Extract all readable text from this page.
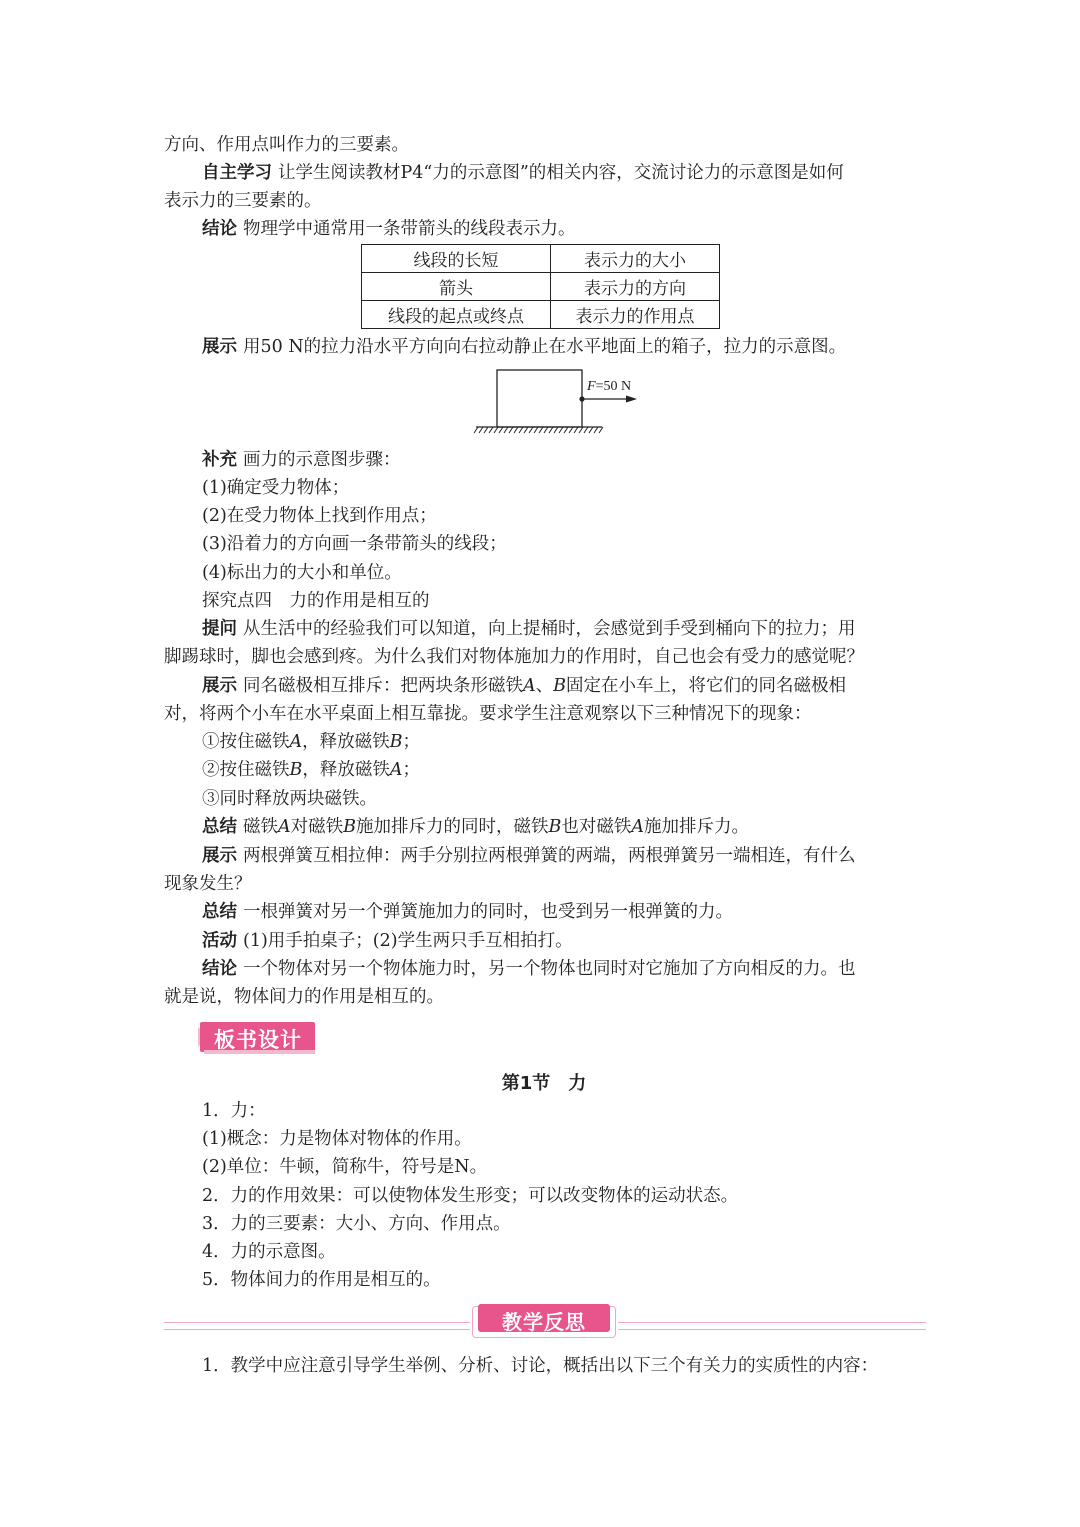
方向、作用点叫作力的三要素。
自主学习 让学生阅读教材P4“力的示意图”的相关内容，交流讨论力的示意图是如何
表示力的三要素的。
结论 物理学中通常用一条带箭头的线段表示力。
线段的长短	表示力的大小
箭头	表示力的方向
线段的起点或终点	表示力的作用点
展示 用50 N的拉力沿水平方向向右拉动静止在水平地面上的箱子，拉力的示意图。
F=50 N
补充 画力的示意图步骤：
(1)确定受力物体；
(2)在受力物体上找到作用点；
(3)沿着力的方向画一条带箭头的线段；
(4)标出力的大小和单位。
探究点四　力的作用是相互的
提问 从生活中的经验我们可以知道，向上提桶时，会感觉到手受到桶向下的拉力；用
脚踢球时，脚也会感到疼。为什么我们对物体施加力的作用时，自己也会有受力的感觉呢？
展示 同名磁极相互排斥：把两块条形磁铁A、B固定在小车上，将它们的同名磁极相
对，将两个小车在水平桌面上相互靠拢。要求学生注意观察以下三种情况下的现象：
①按住磁铁A，释放磁铁B；
②按住磁铁B，释放磁铁A；
③同时释放两块磁铁。
总结 磁铁A对磁铁B施加排斥力的同时，磁铁B也对磁铁A施加排斥力。
展示 两根弹簧互相拉伸：两手分别拉两根弹簧的两端，两根弹簧另一端相连，有什么
现象发生？
总结 一根弹簧对另一个弹簧施加力的同时，也受到另一根弹簧的力。
活动 (1)用手拍桌子；(2)学生两只手互相拍打。
结论 一个物体对另一个物体施力时，另一个物体也同时对它施加了方向相反的力。也
就是说，物体间力的作用是相互的。
板书设计
第1节　力
1．力：
(1)概念：力是物体对物体的作用。
(2)单位：牛顿，简称牛，符号是N。
2．力的作用效果：可以使物体发生形变；可以改变物体的运动状态。
3．力的三要素：大小、方向、作用点。
4．力的示意图。
5．物体间力的作用是相互的。
教学反思
1．教学中应注意引导学生举例、分析、讨论，概括出以下三个有关力的实质性的内容：
